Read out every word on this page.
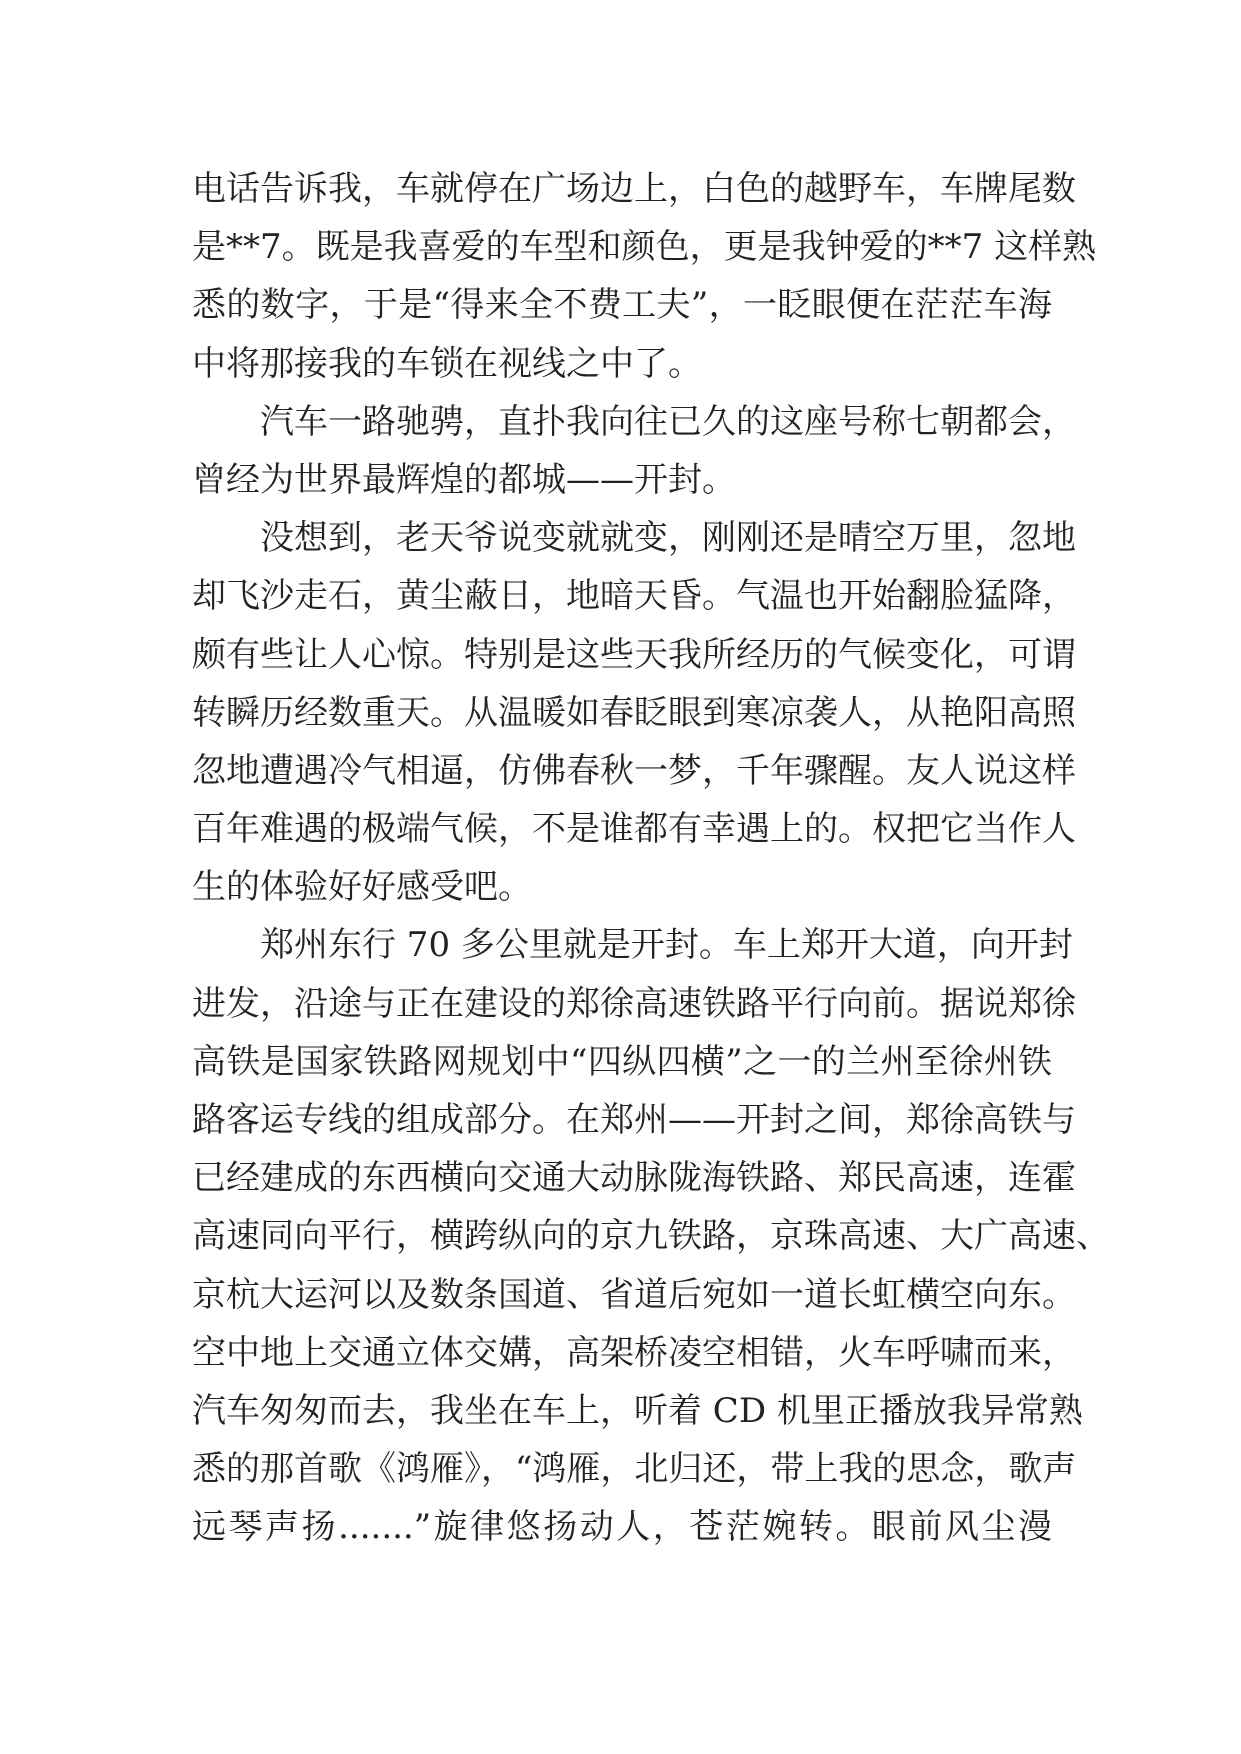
电话告诉我，车就停在广场边上，白色的越野车，车牌尾数
是**7。既是我喜爱的车型和颜色，更是我钟爱的**7 这样熟
悉的数字，于是“得来全不费工夫”，一眨眼便在茫茫车海
中将那接我的车锁在视线之中了。
汽车一路驰骋，直扑我向往已久的这座号称七朝都会，
曾经为世界最辉煌的都城——开封。
没想到，老天爷说变就就变，刚刚还是晴空万里，忽地
却飞沙走石，黄尘蔽日，地暗天昏。气温也开始翻脸猛降，
颇有些让人心惊。特别是这些天我所经历的气候变化，可谓
转瞬历经数重天。从温暖如春眨眼到寒凉袭人，从艳阳高照
忽地遭遇冷气相逼，仿佛春秋一梦，千年骤醒。友人说这样
百年难遇的极端气候，不是谁都有幸遇上的。权把它当作人
生的体验好好感受吧。
郑州东行 70 多公里就是开封。车上郑开大道，向开封
进发，沿途与正在建设的郑徐高速铁路平行向前。据说郑徐
高铁是国家铁路网规划中“四纵四横”之一的兰州至徐州铁
路客运专线的组成部分。在郑州——开封之间，郑徐高铁与
已经建成的东西横向交通大动脉陇海铁路、郑民高速，连霍
高速同向平行，横跨纵向的京九铁路，京珠高速、大广高速、
京杭大运河以及数条国道、省道后宛如一道长虹横空向东。
空中地上交通立体交媾，高架桥凌空相错，火车呼啸而来，
汽车匆匆而去，我坐在车上，听着 CD 机里正播放我异常熟
悉的那首歌《鸿雁》，“鸿雁，北归还，带上我的思念，歌声
远琴声扬.......”旋律悠扬动人，苍茫婉转。眼前风尘漫
